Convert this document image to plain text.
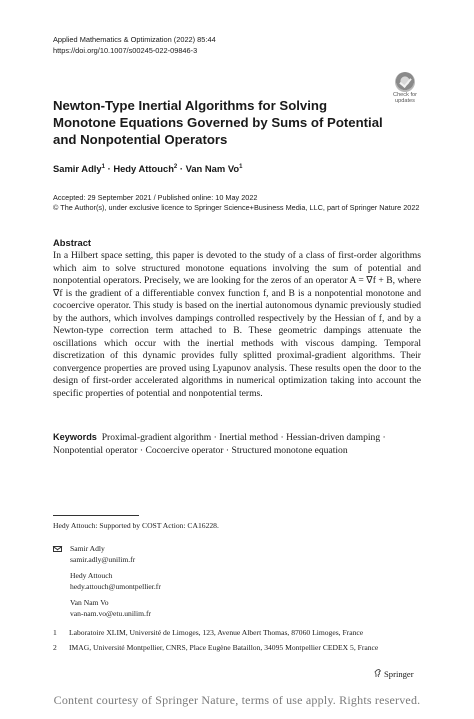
Applied Mathematics & Optimization (2022) 85:44
https://doi.org/10.1007/s00245-022-09846-3
Check for updates
Newton-Type Inertial Algorithms for Solving Monotone Equations Governed by Sums of Potential and Nonpotential Operators
Samir Adly$^1$ · Hedy Attouch$^2$ · Van Nam Vo$^1$
Accepted: 29 September 2021 / Published online: 10 May 2022
© The Author(s), under exclusive licence to Springer Science+Business Media, LLC, part of Springer Nature 2022
Abstract
In a Hilbert space setting, this paper is devoted to the study of a class of first-order algorithms which aim to solve structured monotone equations involving the sum of potential and nonpotential operators. Precisely, we are looking for the zeros of an operator A = ∇f + B, where ∇f is the gradient of a differentiable convex function f, and B is a nonpotential monotone and cocoercive operator. This study is based on the inertial autonomous dynamic previously studied by the authors, which involves dampings controlled respectively by the Hessian of f, and by a Newton-type correction term attached to B. These geometric dampings attenuate the oscillations which occur with the inertial methods with viscous damping. Temporal discretization of this dynamic provides fully splitted proximal-gradient algorithms. Their convergence properties are proved using Lyapunov analysis. These results open the door to the design of first-order accelerated algorithms in numerical optimization taking into account the specific properties of potential and nonpotential terms.
Keywords Proximal-gradient algorithm · Inertial method · Hessian-driven damping · Nonpotential operator · Cocoercive operator · Structured monotone equation
Hedy Attouch: Supported by COST Action: CA16228.
Samir Adly
samir.adly@unilim.fr
Hedy Attouch
hedy.attouch@umontpellier.fr
Van Nam Vo
van-nam.vo@etu.unilim.fr
1 Laboratoire XLIM, Université de Limoges, 123, Avenue Albert Thomas, 87060 Limoges, France
2 IMAG, Université Montpellier, CNRS, Place Eugène Bataillon, 34095 Montpellier CEDEX 5, France
Springer
Content courtesy of Springer Nature, terms of use apply. Rights reserved.
